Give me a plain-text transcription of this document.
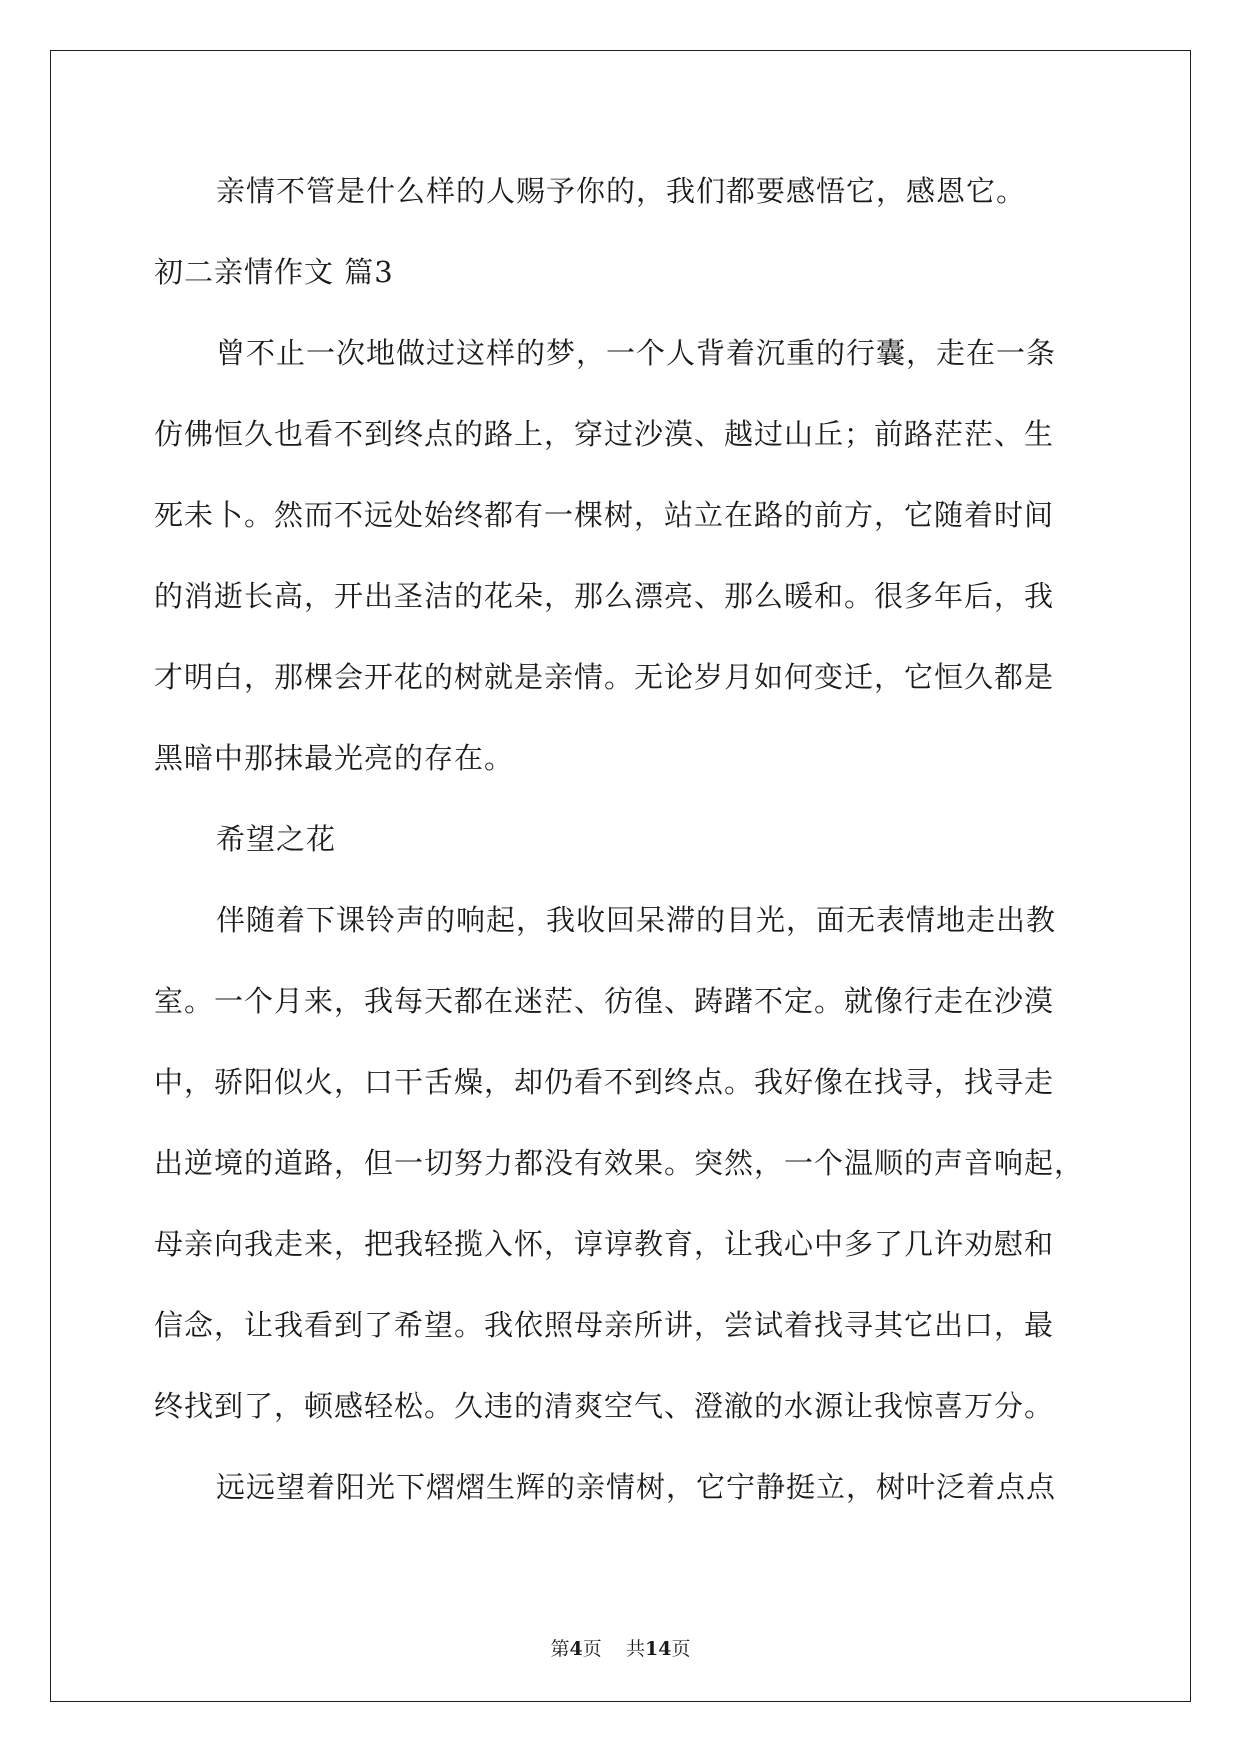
亲情不管是什么样的人赐予你的，我们都要感悟它，感恩它。
初二亲情作文 篇3
曾不止一次地做过这样的梦，一个人背着沉重的行囊，走在一条
仿佛恒久也看不到终点的路上，穿过沙漠、越过山丘；前路茫茫、生
死未卜。然而不远处始终都有一棵树，站立在路的前方，它随着时间
的消逝长高，开出圣洁的花朵，那么漂亮、那么暖和。很多年后，我
才明白，那棵会开花的树就是亲情。无论岁月如何变迁，它恒久都是
黑暗中那抹最光亮的存在。
希望之花
伴随着下课铃声的响起，我收回呆滞的目光，面无表情地走出教
室。一个月来，我每天都在迷茫、彷徨、踌躇不定。就像行走在沙漠
中，骄阳似火，口干舌燥，却仍看不到终点。我好像在找寻，找寻走
出逆境的道路，但一切努力都没有效果。突然，一个温顺的声音响起，
母亲向我走来，把我轻揽入怀，谆谆教育，让我心中多了几许劝慰和
信念，让我看到了希望。我依照母亲所讲，尝试着找寻其它出口，最
终找到了，顿感轻松。久违的清爽空气、澄澈的水源让我惊喜万分。
远远望着阳光下熠熠生辉的亲情树，它宁静挺立，树叶泛着点点
第4页 共14页
